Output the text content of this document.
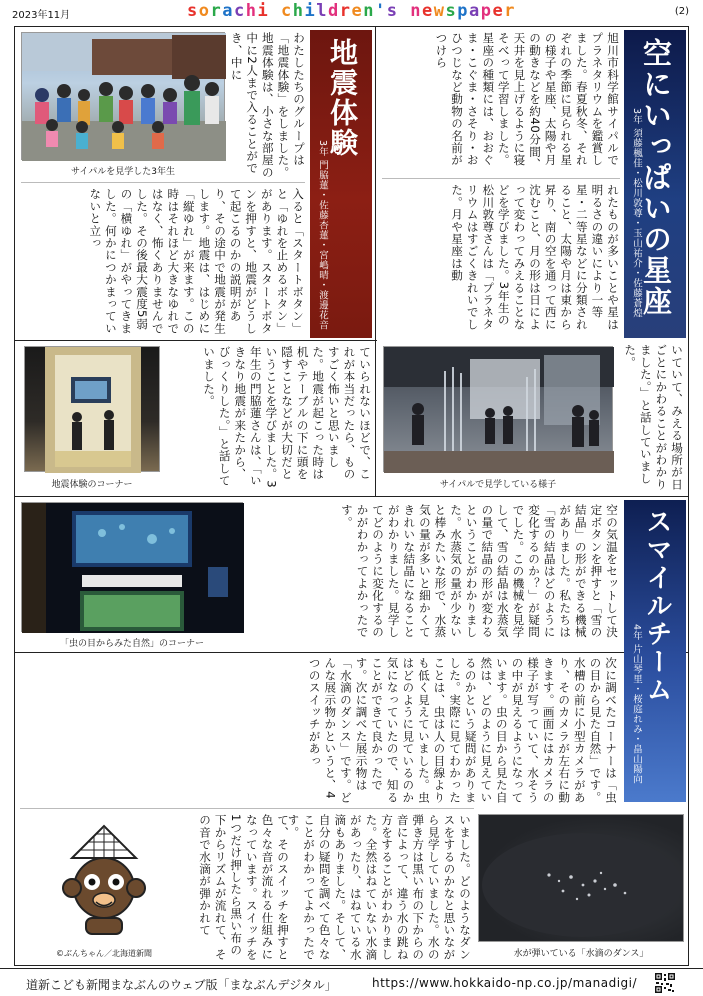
2023年11月	sorachi children's newspaper	(2)
空にいっぱいの星座
3年 須藤楓佳・松川敦尊・玉山祐介・佐藤蒼煌
旭川市科学館サイパルでプラネタリウムを鑑賞しました。春夏秋冬、それぞれの季節に見られる星の様子や星座、太陽や月の動きなどを約40分間、天井を見上げるように寝そべって学習しました。星座の種類には、おおぐま・こぐま・さそり・おひつじなど動物の名前がつけら
れたものが多いことや星は明るさの違いにより一等星・二等星などに分類されること、太陽や月は東から昇り、南の空を通って西に沈むこと、月の形は日によって変わってみえることなどを学びました。3年生の松川敦尊さんは「プラネタリウムはすごくきれいでした。月や星座は動
いていて、みえる場所が日ごとにかわることがわかりました。」と話していました。
サイパルで見学している様子
サイパルを見学した3年生
わたしたちのグループは「地震体験」をしました。地震体験は、小さな部屋の中に2人まで入ることができ、中に	地震体験
3年 門脇蓮・佐藤杏蓮・宮嶋晴・渡邊花音
入ると「スタートボタン」と「ゆれを止めるボタン」があります。スタートボタンを押すと、地震がどうして起こるのかの説明があり、その途中で地震が発生します。地震は、はじめに「縦ゆれ」が来ます。この時はそれほど大きなゆれではなく、怖くありませんでした。その後最大震度5弱の「横ゆれ」がやってきました。何かにつかまっていないと立っ
地震体験のコーナー
ていられないほどで、これが本当だったら、ものすごく怖いと思いました。地震が起こった時は机やテーブルの下に頭を隠すことなどが大切だということを学びました。3年生の門脇蓮さんは、「いきなり地震が来たから、びっくりした。」と話していました。
スマイルチーム
4年 片山琴里・桜庭れみ・畠山陽向
空の気温をセットして決定ボタンを押すと「雪の結晶」の形ができる機械がありました。私たちは「雪の結晶はどのように変化するのか？」が疑問でした。この機械を見学して、雪の結晶は水蒸気の量で結晶の形が変わるということがわかりました。水蒸気の量が少ないと棒みたいな形で、水蒸気の量が多いと細かくてきれいな結晶になることがわかりました。見学してどのように変化するのかがわかってよかったです。
「虫の目からみた自然」のコーナー
次に調べたコーナーは「虫の目から見た自然」です。水槽の前に小型カメラがあり、そのカメラが左右に動きます。画面にはカメラの様子が写っていて、水そうの中が見えるようになっています。虫の目から見た自然は、どのように見えているのかという疑問がありました。実際に見てわかったことは、虫は人の目線よりも低く見えていました。虫はどのように見ているのか気になっていたので、知ることができて良かったです。次に調べた展示物は「水滴のダンス」です。どんな展示物かというと、4つのスイッチがあっ
て、そのスイッチを押すと色々な音が流れる仕組みになっています。スイッチを1つだけ押したら黒い布の下からリズムが流れて、その音で水滴が弾かれて	いました。どのようなダンスをするのかなと思いながら見学していました。水の弾き方は黒い布の下からの音によって、違う水の跳ね方をすることがわかりました。全然はねていない水滴があったり、はねている水滴もありました。そして、自分の疑問を調べて色々なことがわかってよかったです。
水が弾いている「水滴のダンス」
©ぶんちゃん／北海道新聞
道新こども新聞まなぶんのウェブ版「まなぶんデジタル」	https://www.hokkaido-np.co.jp/manadigi/
